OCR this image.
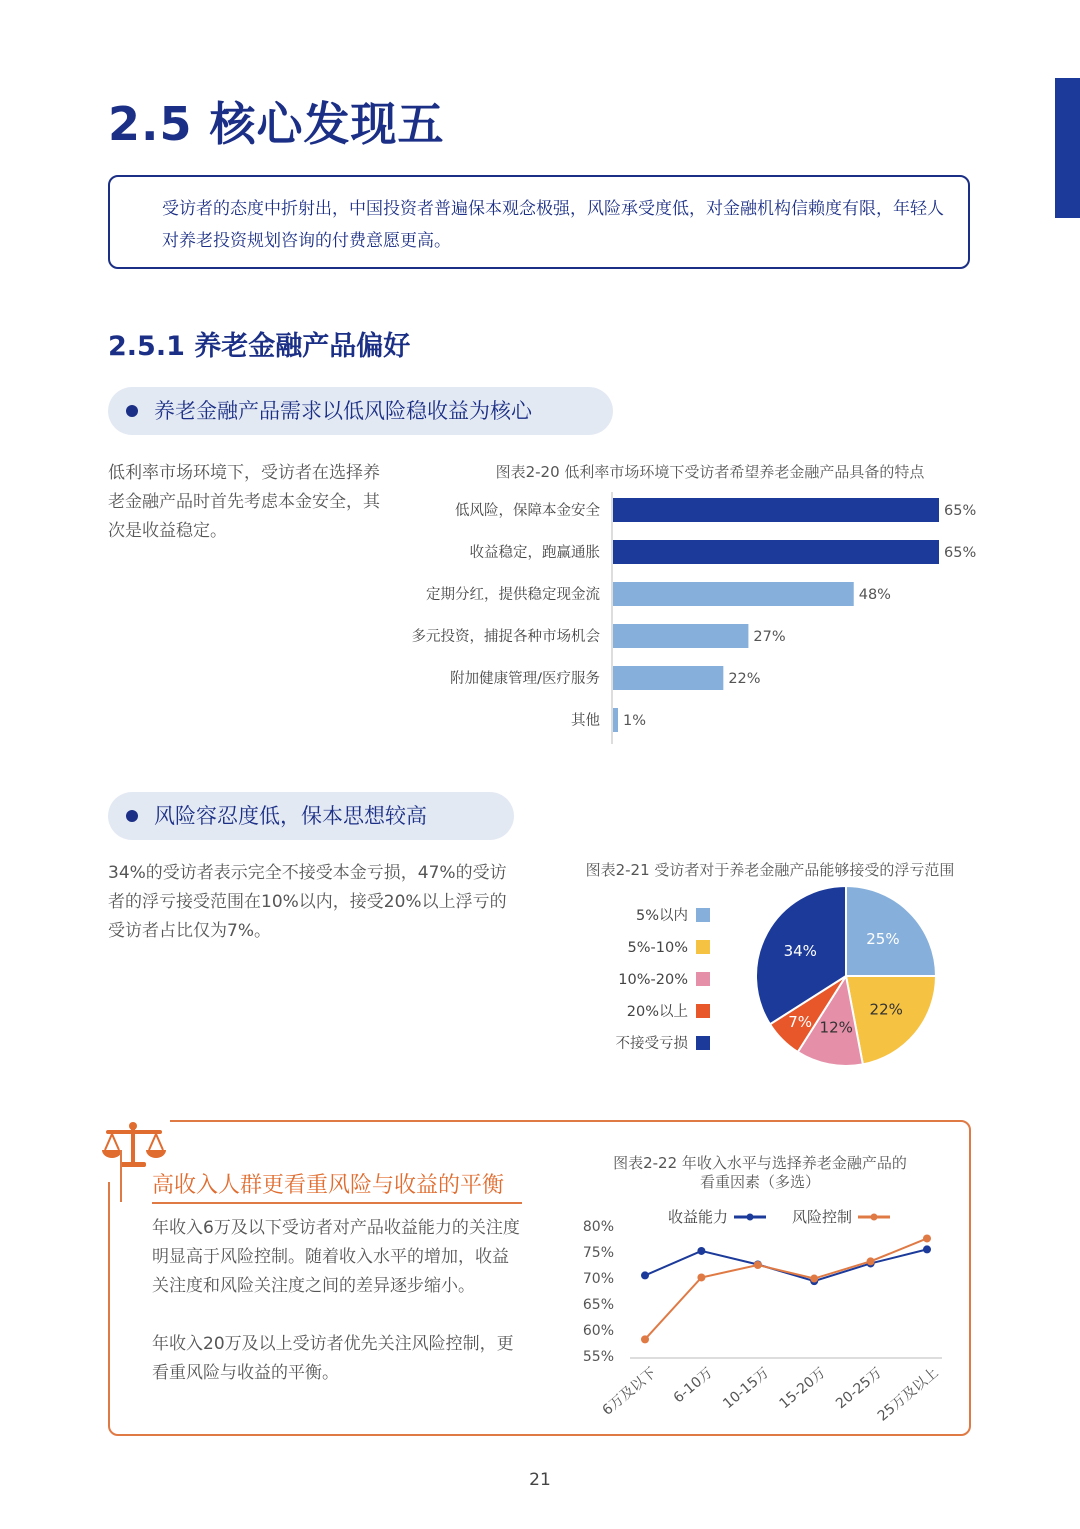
2.5 核心发现五
受访者的态度中折射出，中国投资者普遍保本观念极强，风险承受度低，对金融机构信赖度有限，年轻人对养老投资规划咨询的付费意愿更高。
2.5.1 养老金融产品偏好
养老金融产品需求以低风险稳收益为核心
低利率市场环境下，受访者在选择养老金融产品时首先考虑本金安全，其次是收益稳定。
图表2-20 低利率市场环境下受访者希望养老金融产品具备的特点
低风险，保障本金安全	65%
收益稳定，跑赢通胀	65%
定期分红，提供稳定现金流	48%
多元投资，捕捉各种市场机会	27%
附加健康管理/医疗服务	22%
其他 1%
风险容忍度低，保本思想较高
34%的受访者表示完全不接受本金亏损，47%的受访者的浮亏接受范围在10%以内，接受20%以上浮亏的受访者占比仅为7%。
图表2-21 受访者对于养老金融产品能够接受的浮亏范围
5%以内
5%-10%
10%-20%
20%以上
不接受亏损
25%
22%
12%
7%
34%
高收入人群更看重风险与收益的平衡
年收入6万及以下受访者对产品收益能力的关注度明显高于风险控制。随着收入水平的增加，收益关注度和风险关注度之间的差异逐步缩小。
年收入20万及以上受访者优先关注风险控制，更看重风险与收益的平衡。
图表2-22 年收入水平与选择养老金融产品的
看重因素（多选）
55%
60%
65%
70%
75%
80%
6万及以下 6-10万 10-15万 15-20万 20-25万
25万及以上
收益能力	风险控制
21
